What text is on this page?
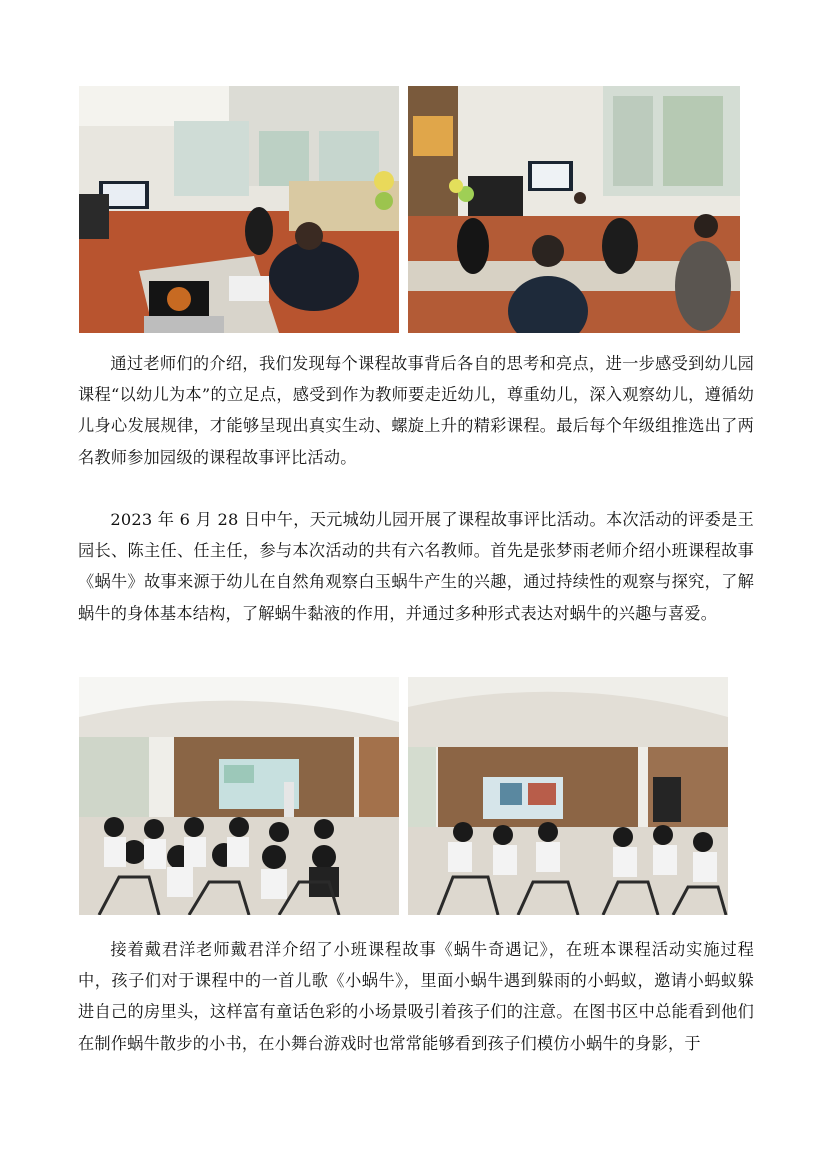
通过老师们的介绍，我们发现每个课程故事背后各自的思考和亮点，进一步感受到幼儿园课程“以幼儿为本”的立足点，感受到作为教师要走近幼儿，尊重幼儿，深入观察幼儿，遵循幼儿身心发展规律，才能够呈现出真实生动、螺旋上升的精彩课程。最后每个年级组推选出了两名教师参加园级的课程故事评比活动。

2023 年 6 月 28 日中午，天元城幼儿园开展了课程故事评比活动。本次活动的评委是王园长、陈主任、任主任，参与本次活动的共有六名教师。首先是张梦雨老师介绍小班课程故事《蜗牛》故事来源于幼儿在自然角观察白玉蜗牛产生的兴趣，通过持续性的观察与探究，了解蜗牛的身体基本结构，了解蜗牛黏液的作用，并通过多种形式表达对蜗牛的兴趣与喜爱。

接着戴君洋老师戴君洋介绍了小班课程故事《蜗牛奇遇记》，在班本课程活动实施过程中，孩子们对于课程中的一首儿歌《小蜗牛》，里面小蜗牛遇到躲雨的小蚂蚁，邀请小蚂蚁躲进自己的房里头，这样富有童话色彩的小场景吸引着孩子们的注意。在图书区中总能看到他们在制作蜗牛散步的小书，在小舞台游戏时也常常能够看到孩子们模仿小蜗牛的身影，于
